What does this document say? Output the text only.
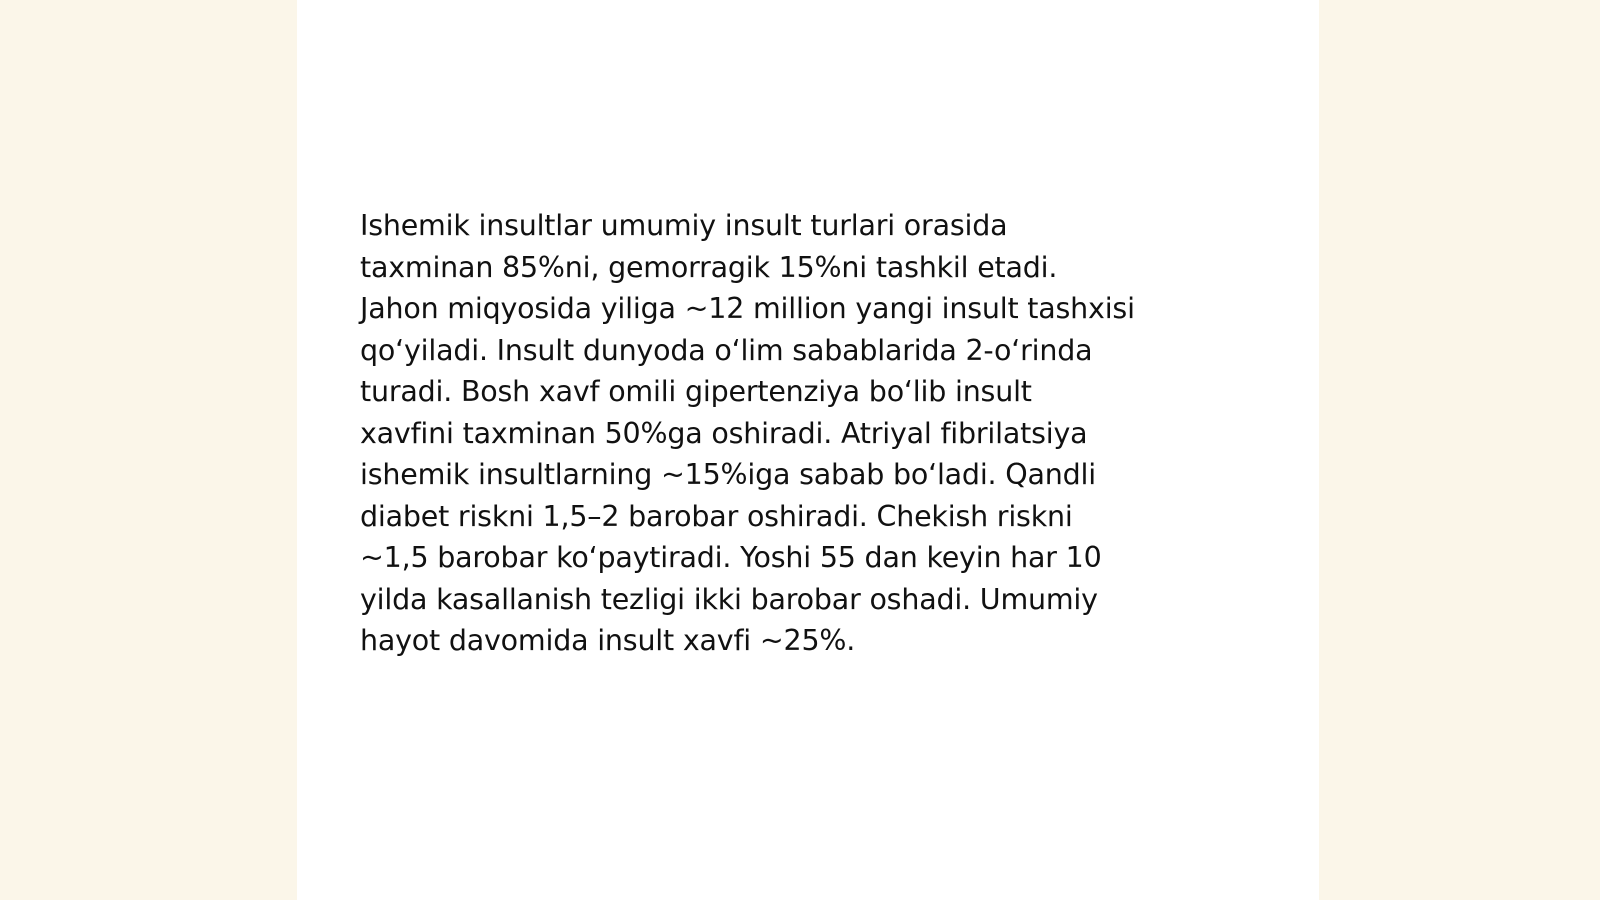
Ishemik insultlar umumiy insult turlari orasida
taxminan 85%ni, gemorragik 15%ni tashkil etadi.
Jahon miqyosida yiliga ~12 million yangi insult tashxisi
qo‘yiladi. Insult dunyoda o‘lim sabablarida 2-o‘rinda
turadi. Bosh xavf omili gipertenziya bo‘lib insult
xavfini taxminan 50%ga oshiradi. Atriyal fibrilatsiya
ishemik insultlarning ~15%iga sabab bo‘ladi. Qandli
diabet riskni 1,5–2 barobar oshiradi. Chekish riskni
~1,5 barobar ko‘paytiradi. Yoshi 55 dan keyin har 10
yilda kasallanish tezligi ikki barobar oshadi. Umumiy
hayot davomida insult xavfi ~25%.
